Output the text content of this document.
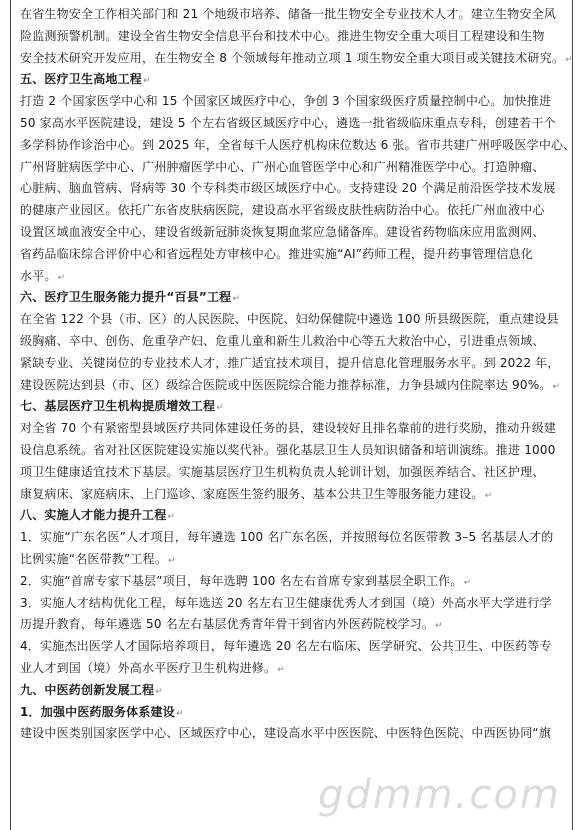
在省生物安全工作相关部门和 21 个地级市培养、储备一批生物安全专业技术人才。建立生物安全风
险监测预警机制。建设全省生物安全信息平台和技术中心。推进生物安全重大项目工程建设和生物
安全技术研究开发应用，在生物安全 8 个领域每年推动立项 1 项生物安全重大项目或关键技术研究。↵
五、医疗卫生高地工程↵
打造 2 个国家医学中心和 15 个国家区域医疗中心，争创 3 个国家级医疗质量控制中心。加快推进
50 家高水平医院建设，建设 5 个左右省级区域医疗中心，遴选一批省级临床重点专科，创建若干个
多学科协作诊治中心。到 2025 年，全省每千人医疗机构床位数达 6 张。省市共建广州呼吸医学中心、
广州肾脏病医学中心、广州肿瘤医学中心、广州心血管医学中心和广州精准医学中心。打造肿瘤、
心脏病、脑血管病、肾病等 30 个专科类市级区域医疗中心。支持建设 20 个满足前沿医学技术发展
的健康产业园区。依托广东省皮肤病医院，建设高水平省级皮肤性病防治中心。依托广州血液中心
设置区域血液安全中心，建设省级新冠肺炎恢复期血浆应急储备库。建设省药物临床应用监测网、
省药品临床综合评价中心和省远程处方审核中心。推进实施“AI”药师工程，提升药事管理信息化
水平。↵
六、医疗卫生服务能力提升“百县”工程↵
在全省 122 个县（市、区）的人民医院、中医院、妇幼保健院中遴选 100 所县级医院，重点建设县
级胸痛、卒中、创伤、危重孕产妇、危重儿童和新生儿救治中心等五大救治中心，引进重点领域、
紧缺专业、关键岗位的专业技术人才，推广适宜技术项目，提升信息化管理服务水平。到 2022 年，
建设医院达到县（市、区）级综合医院或中医医院综合能力推荐标准，力争县域内住院率达 90%。↵
七、基层医疗卫生机构提质增效工程↵
对全省 70 个有紧密型县域医疗共同体建设任务的县，建设较好且排名靠前的进行奖励，推动升级建
设信息系统。省对社区医院建设实施以奖代补。强化基层卫生人员知识储备和培训演练。推进 1000
项卫生健康适宜技术下基层。实施基层医疗卫生机构负责人轮训计划，加强医养结合、社区护理、
康复病床、家庭病床、上门巡诊、家庭医生签约服务、基本公共卫生等服务能力建设。↵
八、实施人才能力提升工程↵
1．实施“广东名医”人才项目，每年遴选 100 名广东名医，并按照每位名医带教 3–5 名基层人才的
比例实施“名医带教”工程。↵
2．实施“首席专家下基层”项目，每年选聘 100 名左右首席专家到基层全职工作。↵
3．实施人才结构优化工程，每年选送 20 名左右卫生健康优秀人才到国（境）外高水平大学进行学
历提升教育，每年遴选 50 名左右基层优秀青年骨干到省内外医药院校学习。↵
4．实施杰出医学人才国际培养项目，每年遴选 20 名左右临床、医学研究、公共卫生、中医药等专
业人才到国（境）外高水平医疗卫生机构进修。↵
九、中医药创新发展工程↵
1．加强中医药服务体系建设↵
建设中医类别国家医学中心、区域医疗中心，建设高水平中医医院、中医特色医院、中西医协同“旗
gdmm.com
